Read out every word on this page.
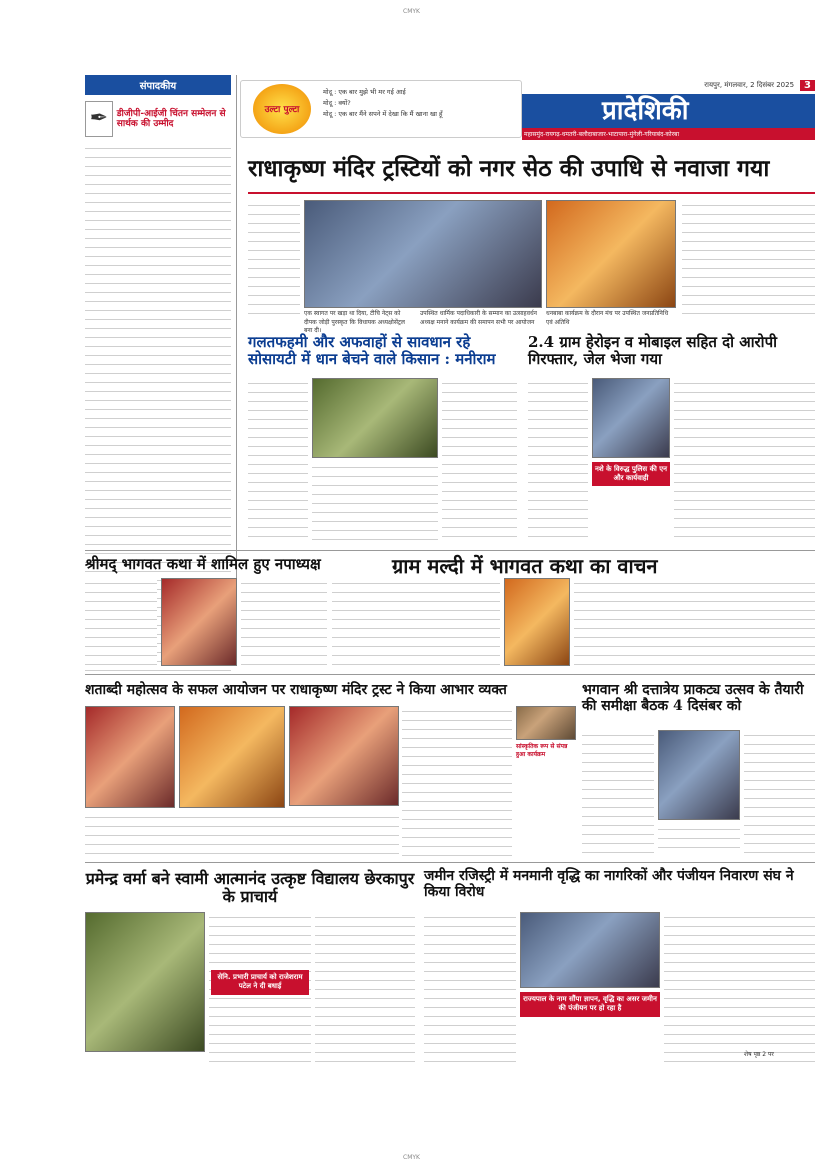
CMYK
CMYK
संपादकीय
✒ डीजीपी-आईजी चिंतन सम्मेलन से सार्थक की उम्मीद
उल्टा पुल्टा
मोदू : एक बार मुझे भी मर गई आई
मोदू : क्यों?
मोदू : एक बार मैंने सपने में देखा कि मैं खाना खा हूँ
रायपुर, मंगलवार, 2 दिसंबर 2025	3
प्रादेशिकी
महासमुंद-रायगढ़-धमतरी-बलौदाबाजार-भाटापारा-मुंगेली-गरियाबंद-कोरबा
राधाकृष्ण मंदिर ट्रस्टियों को नगर सेठ की उपाधि से नवाजा गया
एक स्वागत पर खड़ा था दिया, टीचि नेट्स को दीपक जोड़ी पुरस्कृत कि विधायक अध्यक्षोसेंट्रल बना दी।
उपस्थित धार्मिक पदाधिकारी के सम्मान का उत्साहवर्धन अध्यक्ष मनाने कार्यक्रम की समापन सभी पर आयोजन
धनबाबा कार्यक्रम के दौरान मंच पर उपस्थित जनप्रतिनिधि एवं अतिथि
गलतफहमी और अफवाहों से सावधान रहे सोसायटी में धान बेचने वाले किसान : मनीराम
2.4 ग्राम हेरोइन व मोबाइल सहित दो आरोपी गिरफ्तार, जेल भेजा गया
नशे के विरुद्ध पुलिस की एन और कार्यवाही
श्रीमद् भागवत कथा में शामिल हुए नपाध्यक्ष	ग्राम मल्दी में भागवत कथा का वाचन
शताब्दी महोत्सव के सफल आयोजन पर राधाकृष्ण मंदिर ट्रस्ट ने किया आभार व्यक्त
सांस्कृतिक रूप से संपन्न हुआ कार्यक्रम
भगवान श्री दत्तात्रेय प्राकट्य उत्सव के तैयारी की समीक्षा बैठक 4 दिसंबर को
प्रमेन्द्र वर्मा बने स्वामी आत्मानंद उत्कृष्ट विद्यालय छेरकापुर के प्राचार्य
सेनि. प्रभारी प्राचार्य को राजेशराम पटेल ने दी बधाई
जमीन रजिस्ट्री में मनमानी वृद्धि का नागरिकों और पंजीयन निवारण संघ ने किया विरोध
राज्यपाल के नाम सौंपा ज्ञापन, वृद्धि का असर जमीन की पंजीयन पर हो रहा है
शेष पृष्ठ 2 पर
